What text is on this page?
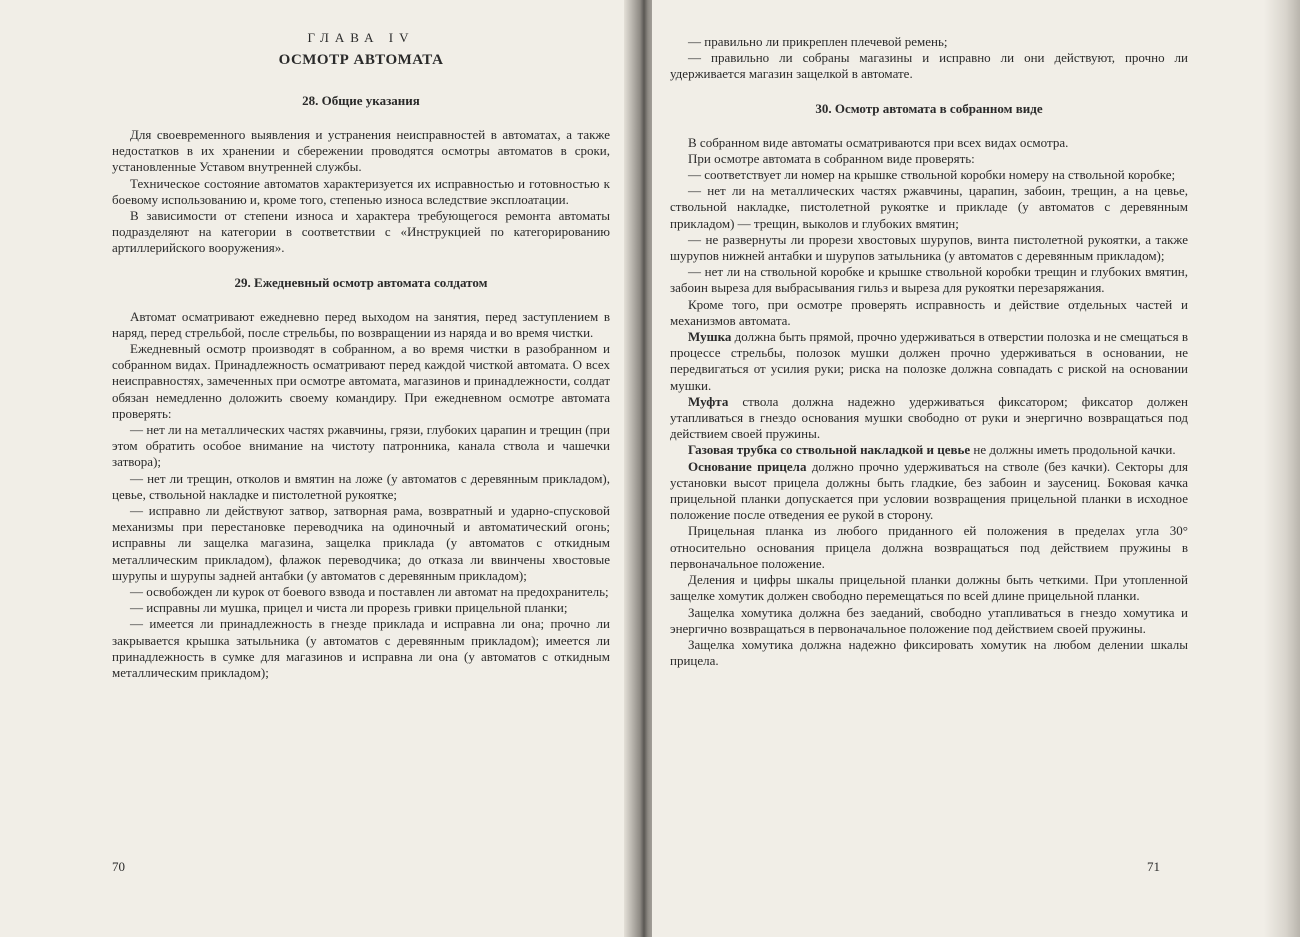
ГЛАВА IV
ОСМОТР АВТОМАТА
28. Общие указания

Для своевременного выявления и устранения неисправностей в автоматах, а также недостатков в их хранении и сбережении проводятся осмотры автоматов в сроки, установленные Уставом внутренней службы.

Техническое состояние автоматов характеризуется их исправностью и готовностью к боевому использованию и, кроме того, степенью износа вследствие эксплоатации.

В зависимости от степени износа и характера требующегося ремонта автоматы подразделяют на категории в соответствии с «Инструкцией по категорированию артиллерийского вооружения».

29. Ежедневный осмотр автомата солдатом

Автомат осматривают ежедневно перед выходом на занятия, перед заступлением в наряд, перед стрельбой, после стрельбы, по возвращении из наряда и во время чистки.

Ежедневный осмотр производят в собранном, а во время чистки в разобранном и собранном видах. Принадлежность осматривают перед каждой чисткой автомата. О всех неисправностях, замеченных при осмотре автомата, магазинов и принадлежности, солдат обязан немедленно доложить своему командиру. При ежедневном осмотре автомата проверять:

— нет ли на металлических частях ржавчины, грязи, глубоких царапин и трещин (при этом обратить особое внимание на чистоту патронника, канала ствола и чашечки затвора);

— нет ли трещин, отколов и вмятин на ложе (у автоматов с деревянным прикладом), цевье, ствольной накладке и пистолетной рукоятке;

— исправно ли действуют затвор, затворная рама, возвратный и ударно-спусковой механизмы при перестановке переводчика на одиночный и автоматический огонь; исправны ли защелка магазина, защелка приклада (у автоматов с откидным металлическим прикладом), флажок переводчика; до отказа ли ввинчены хвостовые шурупы и шурупы задней антабки (у автоматов с деревянным прикладом);

— освобожден ли курок от боевого взвода и поставлен ли автомат на предохранитель;

— исправны ли мушка, прицел и чиста ли прорезь гривки прицельной планки;

— имеется ли принадлежность в гнезде приклада и исправна ли она; прочно ли закрывается крышка затыльника (у автоматов с деревянным прикладом); имеется ли принадлежность в сумке для магазинов и исправна ли она (у автоматов с откидным металлическим прикладом);

70

— правильно ли прикреплен плечевой ремень;

— правильно ли собраны магазины и исправно ли они действуют, прочно ли удерживается магазин защелкой в автомате.

30. Осмотр автомата в собранном виде

В собранном виде автоматы осматриваются при всех видах осмотра.

При осмотре автомата в собранном виде проверять:

— соответствует ли номер на крышке ствольной коробки номеру на ствольной коробке;

— нет ли на металлических частях ржавчины, царапин, забоин, трещин, а на цевье, ствольной накладке, пистолетной рукоятке и прикладе (у автоматов с деревянным прикладом) — трещин, выколов и глубоких вмятин;

— не развернуты ли прорези хвостовых шурупов, винта пистолетной рукоятки, а также шурупов нижней антабки и шурупов затыльника (у автоматов с деревянным прикладом);

— нет ли на ствольной коробке и крышке ствольной коробки трещин и глубоких вмятин, забоин выреза для выбрасывания гильз и выреза для рукоятки перезаряжания.

Кроме того, при осмотре проверять исправность и действие отдельных частей и механизмов автомата.

Мушка должна быть прямой, прочно удерживаться в отверстии полозка и не смещаться в процессе стрельбы, полозок мушки должен прочно удерживаться в основании, не передвигаться от усилия руки; риска на полозке должна совпадать с риской на основании мушки.

Муфта ствола должна надежно удерживаться фиксатором; фиксатор должен утапливаться в гнездо основания мушки свободно от руки и энергично возвращаться под действием своей пружины.

Газовая трубка со ствольной накладкой и цевье не должны иметь продольной качки.

Основание прицела должно прочно удерживаться на стволе (без качки). Секторы для установки высот прицела должны быть гладкие, без забоин и заусениц. Боковая качка прицельной планки допускается при условии возвращения прицельной планки в исходное положение после отведения ее рукой в сторону.

Прицельная планка из любого приданного ей положения в пределах угла 30° относительно основания прицела должна возвращаться под действием пружины в первоначальное положение.

Деления и цифры шкалы прицельной планки должны быть четкими. При утопленной защелке хомутик должен свободно перемещаться по всей длине прицельной планки.

Защелка хомутика должна без заеданий, свободно утапливаться в гнездо хомутика и энергично возвращаться в первоначальное положение под действием своей пружины.

Защелка хомутика должна надежно фиксировать хомутик на любом делении шкалы прицела.

71
